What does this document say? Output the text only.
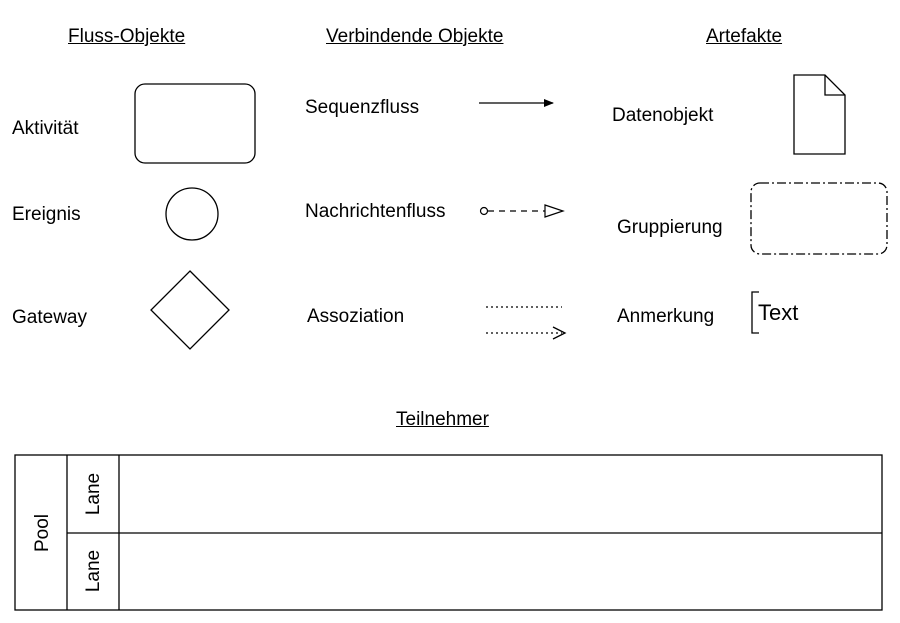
Fluss-Objekte	Verbindende Objekte	Artefakte
Aktivität
Ereignis
Gateway
Sequenzfluss
Nachrichtenfluss
Assoziation
Datenobjekt
Gruppierung
Anmerkung Text
Teilnehmer
Pool
Lane
Lane
